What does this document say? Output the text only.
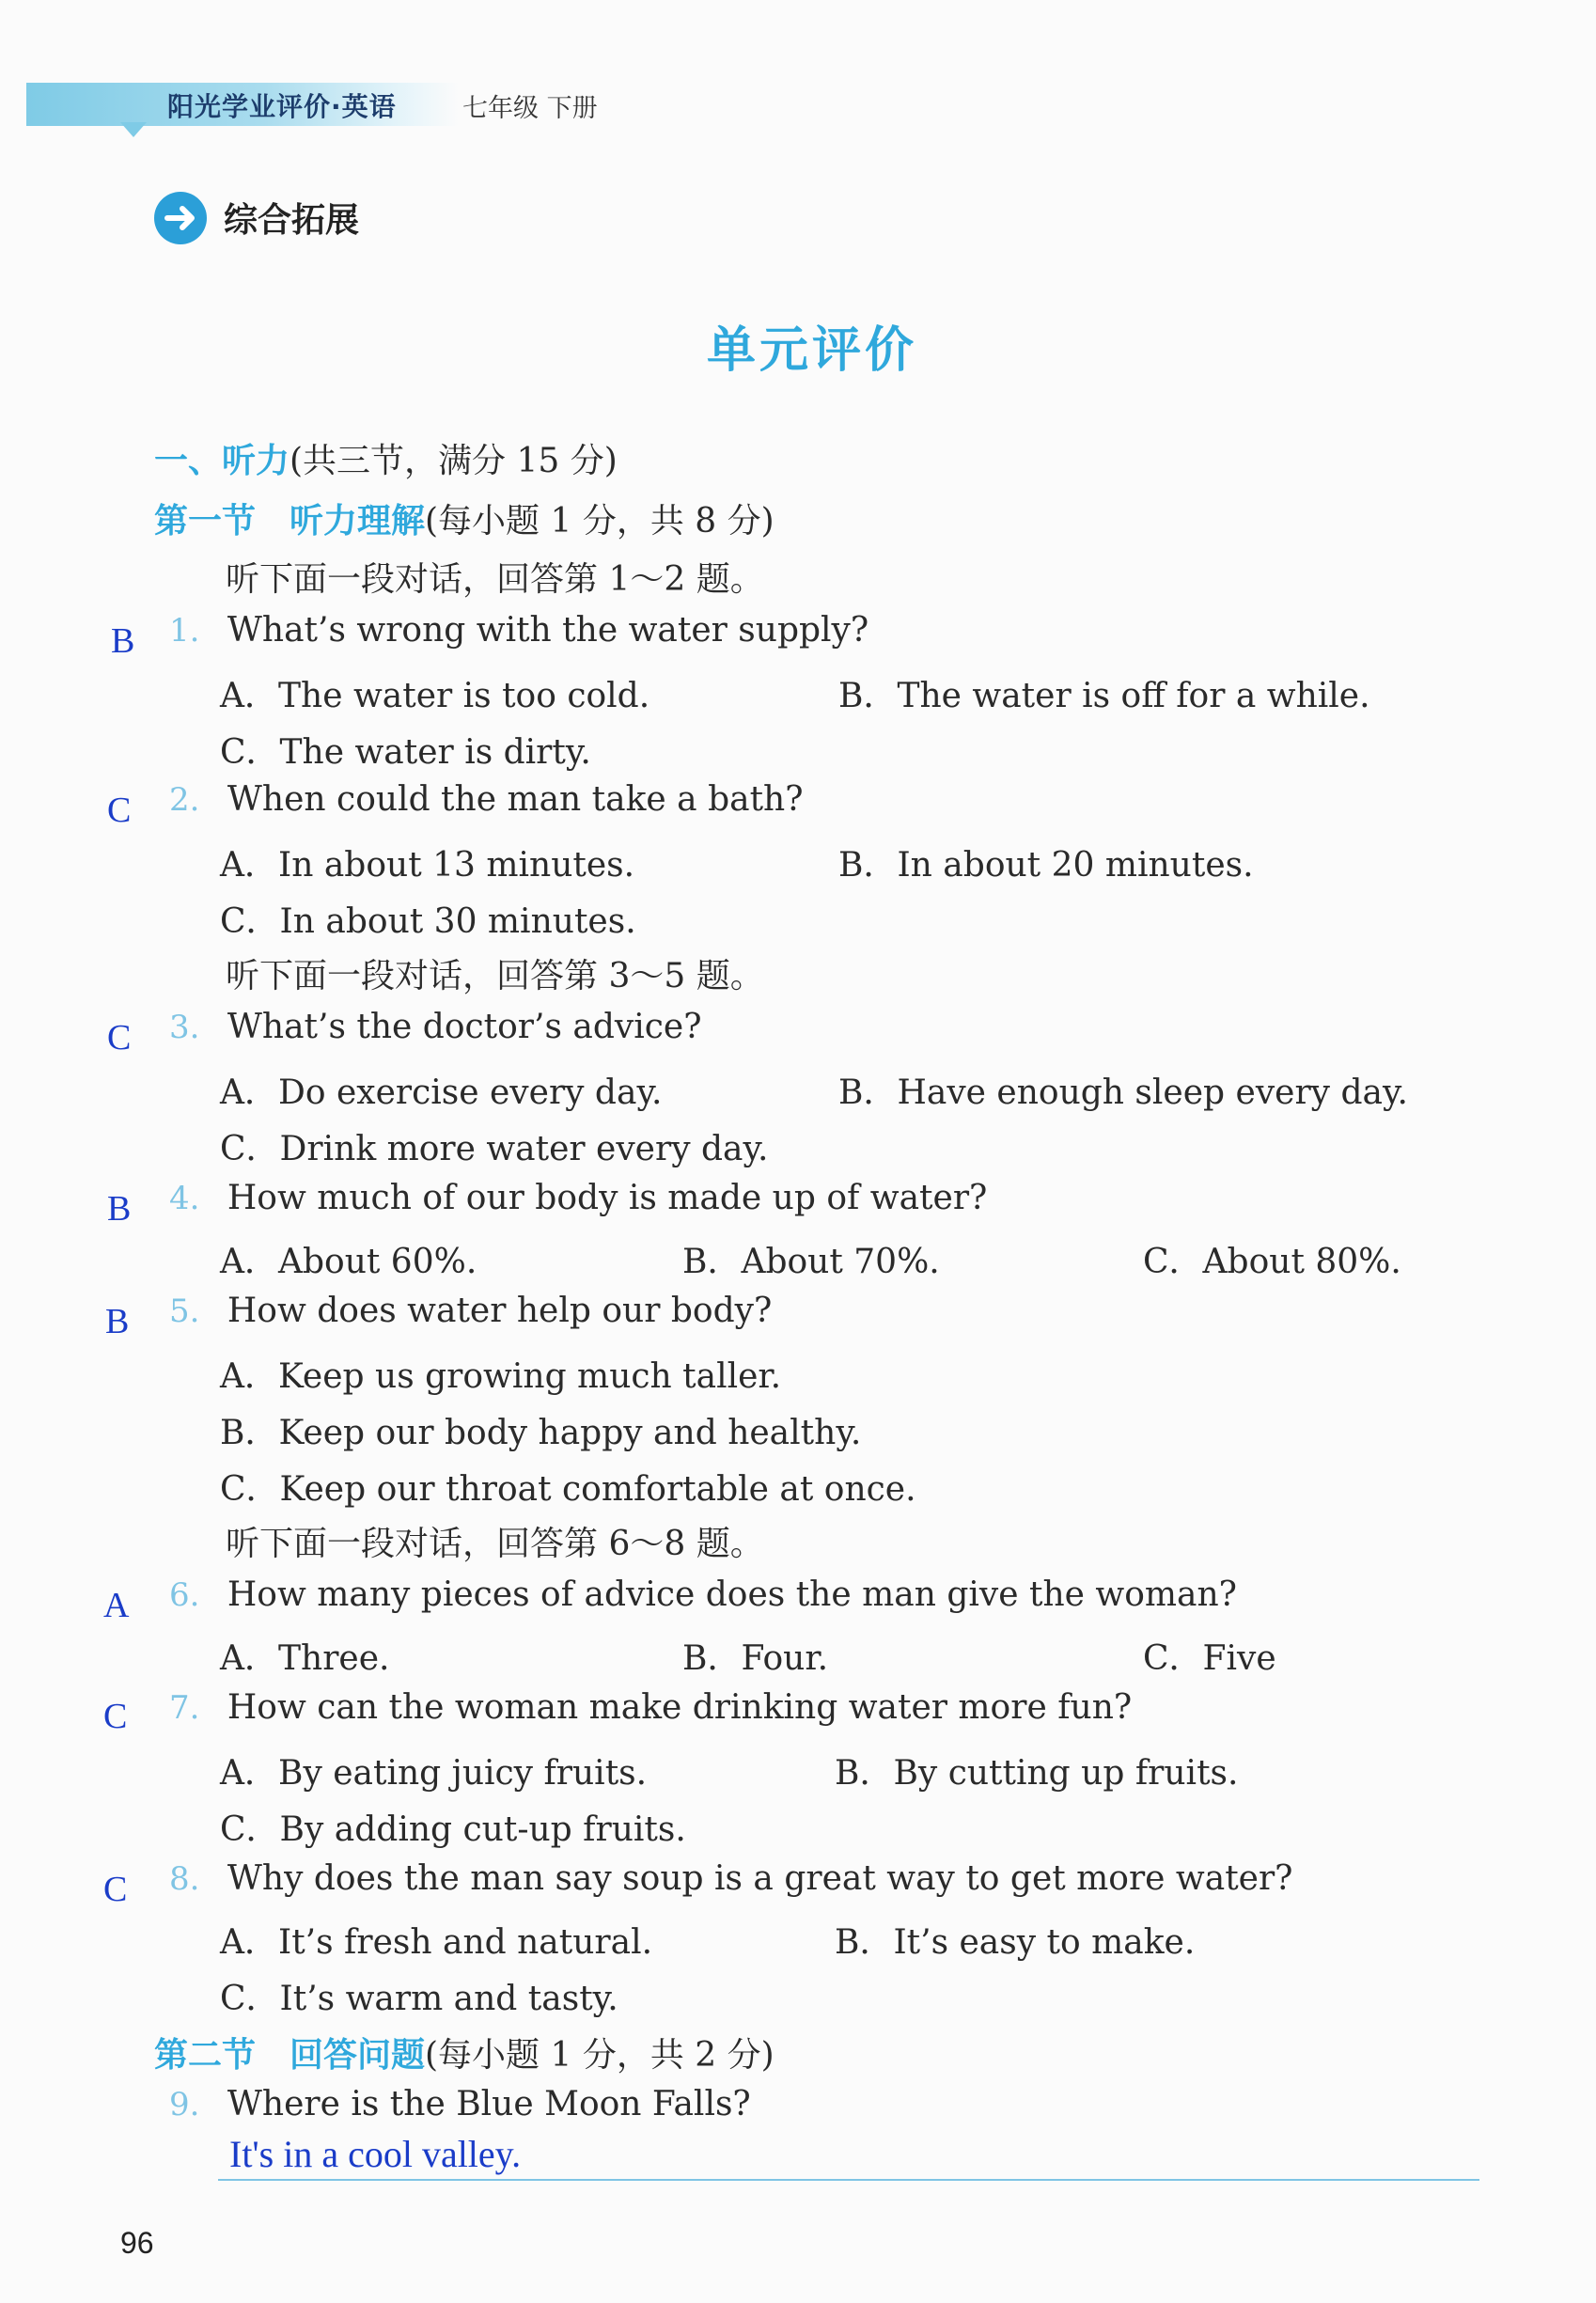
阳光学业评价·英语	七年级 下册
综合拓展
单元评价
一、听力(共三节，满分 15 分)
第一节　听力理解(每小题 1 分，共 8 分)
听下面一段对话，回答第 1～2 题。
B 1. What’s wrong with the water supply?
A．The water is too cold.	B．The water is off for a while.
C．The water is dirty.
C 2. When could the man take a bath?
A．In about 13 minutes.	B．In about 20 minutes.
C．In about 30 minutes.
听下面一段对话，回答第 3～5 题。
C 3. What’s the doctor’s advice?
A．Do exercise every day.	B．Have enough sleep every day.
C．Drink more water every day.
B 4. How much of our body is made up of water?
A．About 60%.	B．About 70%.	C．About 80%.
B 5. How does water help our body?
A．Keep us growing much taller.
B．Keep our body happy and healthy.
C．Keep our throat comfortable at once.
听下面一段对话，回答第 6～8 题。
A 6. How many pieces of advice does the man give the woman?
A．Three.	B．Four.	C．Five
C 7. How can the woman make drinking water more fun?
A．By eating juicy fruits.	B．By cutting up fruits.
C．By adding cut-up fruits.
C 8. Why does the man say soup is a great way to get more water?
A．It’s fresh and natural.	B．It’s easy to make.
C．It’s warm and tasty.
第二节　回答问题(每小题 1 分，共 2 分)
9. Where is the Blue Moon Falls?
It's in a cool valley.
96
